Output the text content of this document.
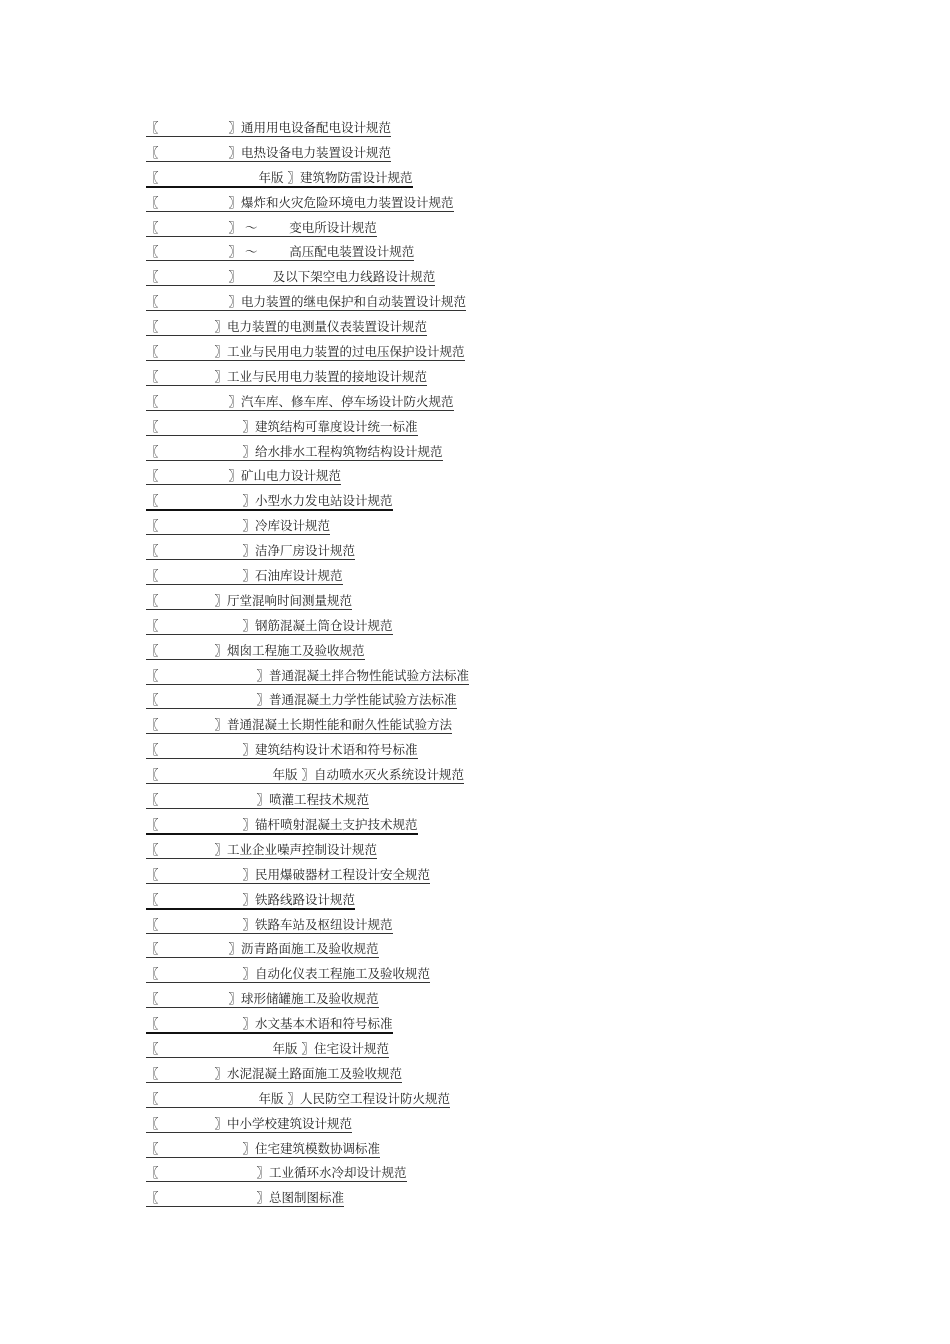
〖	〗通用用电设备配电设计规范
〖	〗电热设备电力装置设计规范
〖	年版 〗建筑物防雷设计规范
〖	〗爆炸和火灾危险环境电力装置设计规范
〖	〗 ～        变电所设计规范
〖	〗 ～        高压配电装置设计规范
〖	〗        及以下架空电力线路设计规范
〖	〗电力装置的继电保护和自动装置设计规范
〖	〗电力装置的电测量仪表装置设计规范
〖	〗工业与民用电力装置的过电压保护设计规范
〖	〗工业与民用电力装置的接地设计规范
〖	〗汽车库、修车库、停车场设计防火规范
〖	〗建筑结构可靠度设计统一标准
〖	〗给水排水工程构筑物结构设计规范
〖	〗矿山电力设计规范
〖	〗小型水力发电站设计规范
〖	〗冷库设计规范
〖	〗洁净厂房设计规范
〖	〗石油库设计规范
〖	〗厅堂混响时间测量规范
〖	〗钢筋混凝土筒仓设计规范
〖	〗烟囱工程施工及验收规范
〖	〗普通混凝土拌合物性能试验方法标准
〖	〗普通混凝土力学性能试验方法标准
〖	〗普通混凝土长期性能和耐久性能试验方法
〖	〗建筑结构设计术语和符号标准
〖	年版 〗自动喷水灭火系统设计规范
〖	〗喷灌工程技术规范
〖	〗锚杆喷射混凝土支护技术规范
〖	〗工业企业噪声控制设计规范
〖	〗民用爆破器材工程设计安全规范
〖	〗铁路线路设计规范
〖	〗铁路车站及枢纽设计规范
〖	〗沥青路面施工及验收规范
〖	〗自动化仪表工程施工及验收规范
〖	〗球形储罐施工及验收规范
〖	〗水文基本术语和符号标准
〖	年版 〗住宅设计规范
〖	〗水泥混凝土路面施工及验收规范
〖	年版 〗人民防空工程设计防火规范
〖	〗中小学校建筑设计规范
〖	〗住宅建筑模数协调标准
〖	〗工业循环水冷却设计规范
〖	〗总图制图标准
